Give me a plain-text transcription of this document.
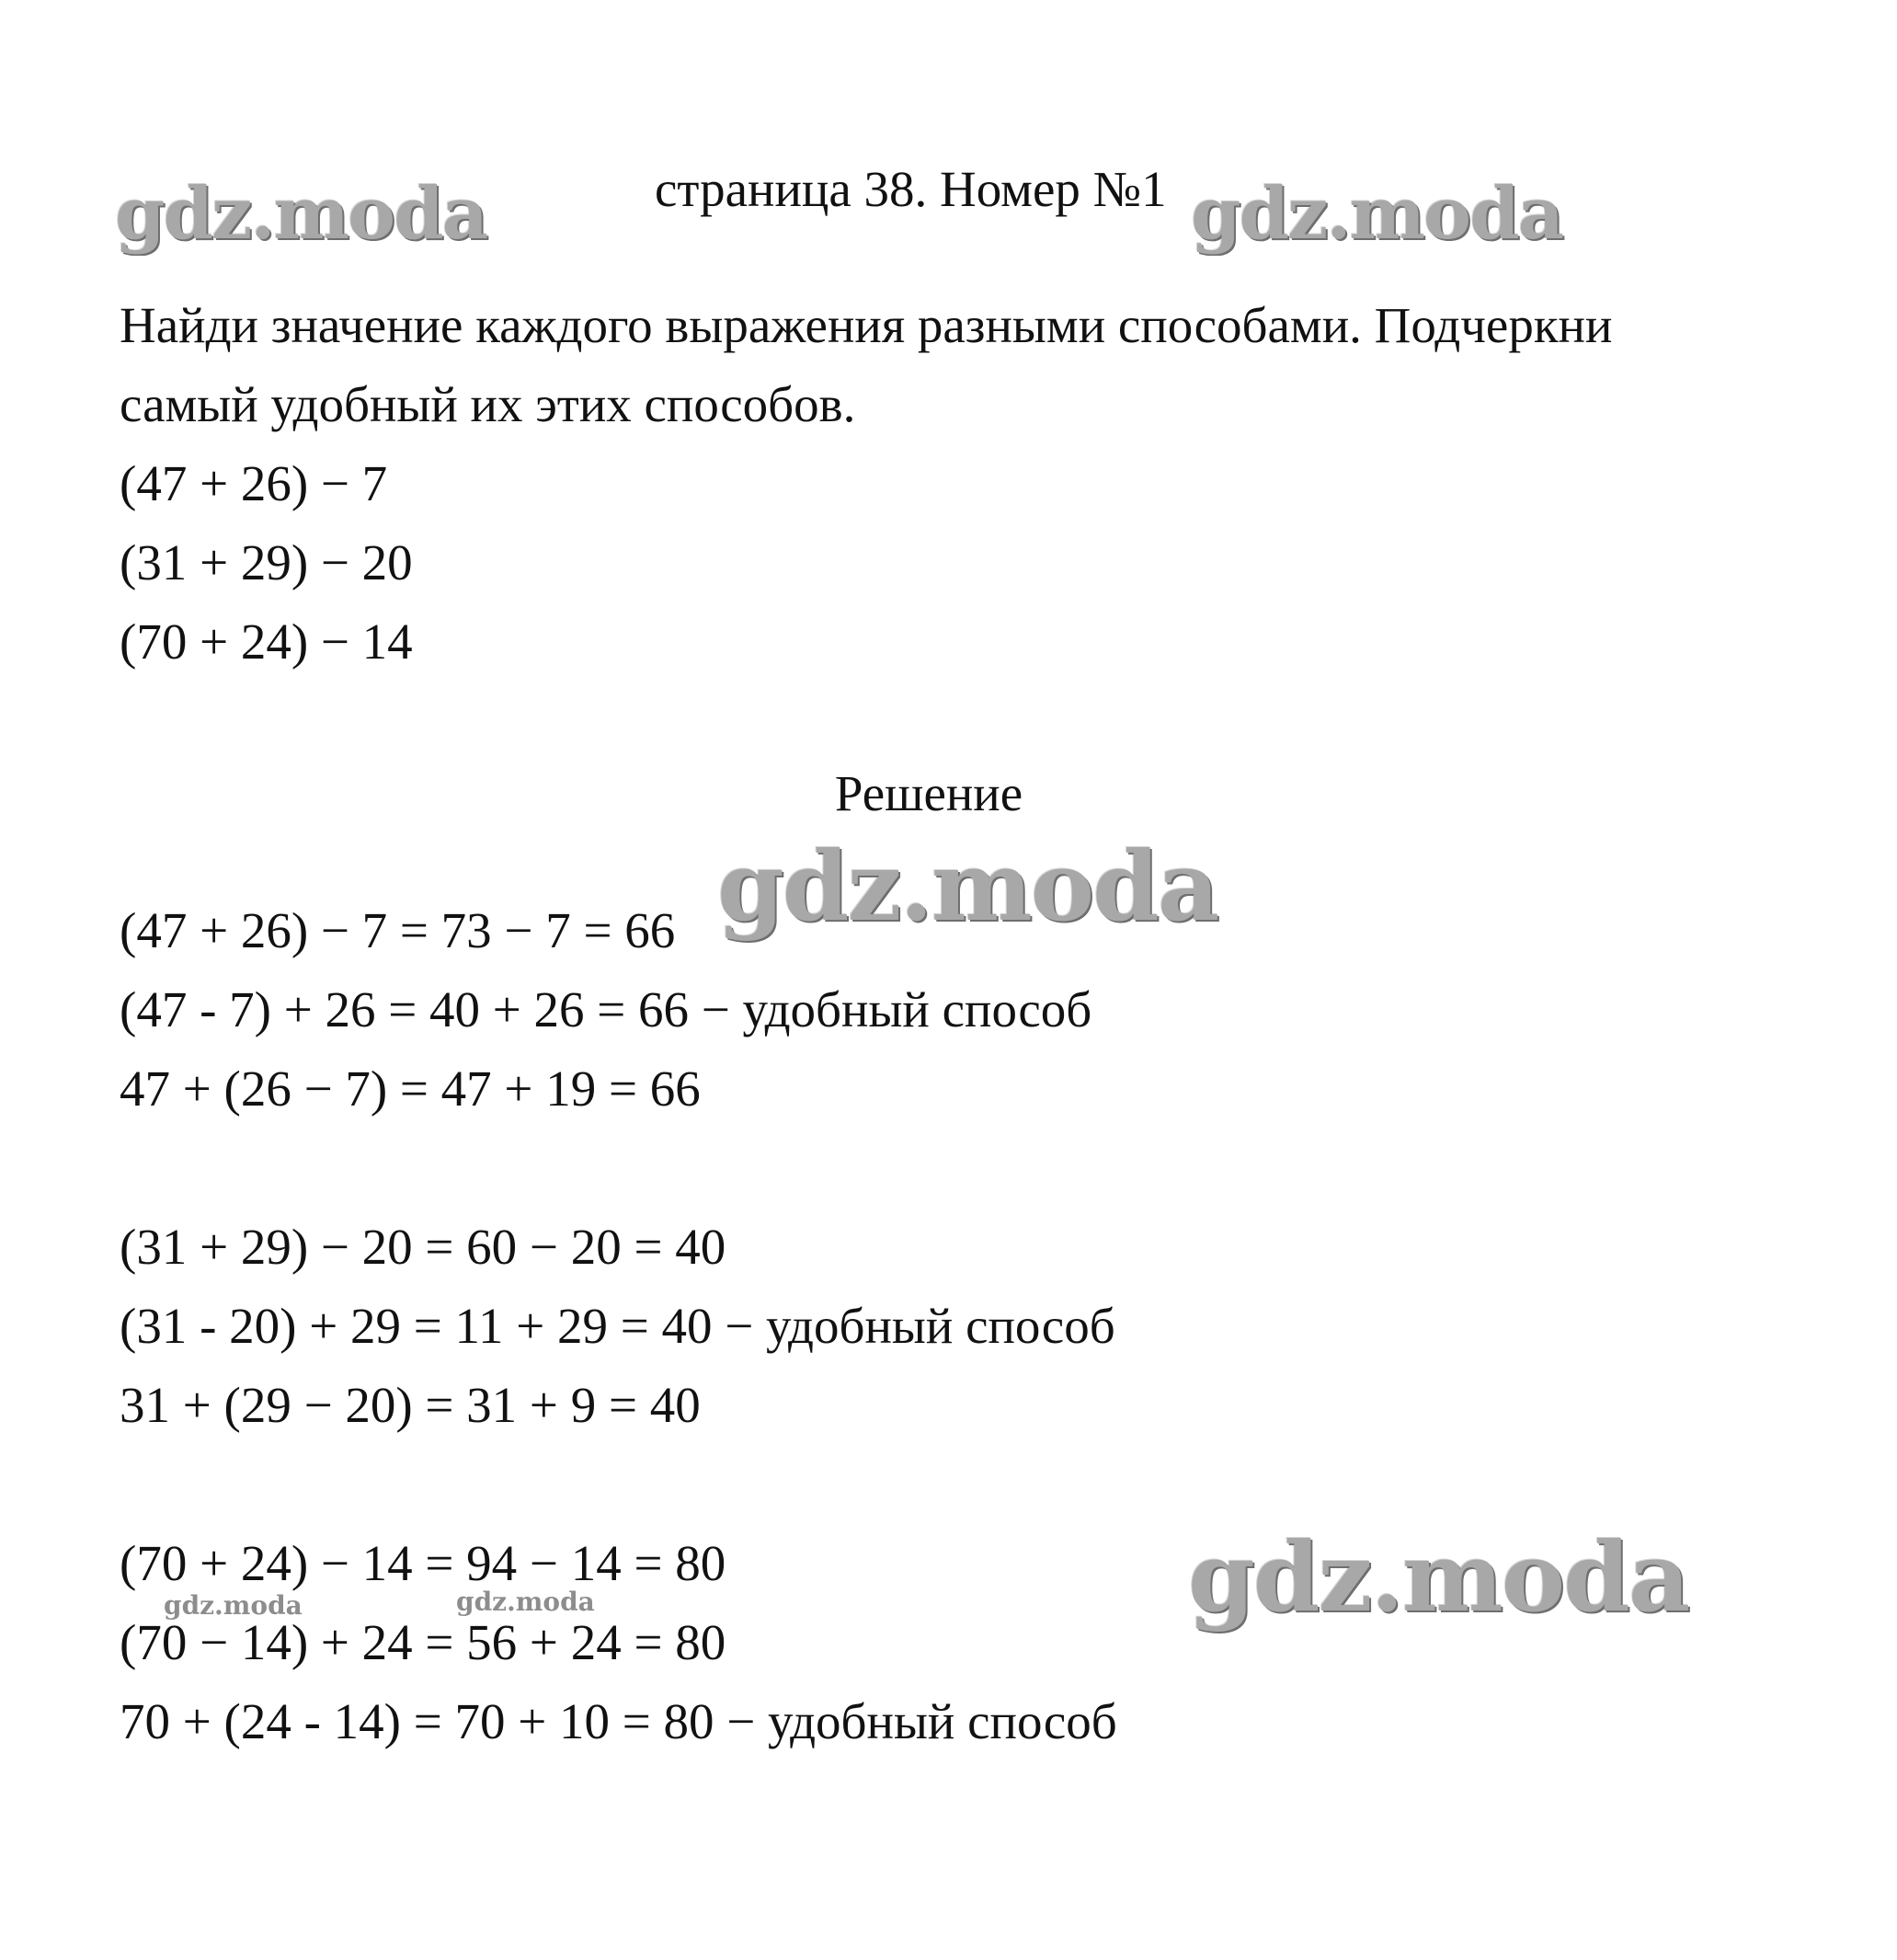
gdz.moda	страница 38. Номер №1 gdz.moda
Найди значение каждого выражения разными способами. Подчеркни
самый удобный их этих способов.
(47 + 26) − 7
(31 + 29) − 20
(70 + 24) − 14
Решение
gdz.moda
(47 + 26) − 7 = 73 − 7 = 66
(47 - 7) + 26 = 40 + 26 = 66 − удобный способ
47 + (26 − 7) = 47 + 19 = 66
(31 + 29) − 20 = 60 − 20 = 40
(31 - 20) + 29 = 11 + 29 = 40 − удобный способ
31 + (29 − 20) = 31 + 9 = 40
(70 + 24) − 14 = 94 − 14 = 80
gdz.moda	gdz.moda	gdz.moda
(70 − 14) + 24 = 56 + 24 = 80
70 + (24 - 14) = 70 + 10 = 80 − удобный способ
